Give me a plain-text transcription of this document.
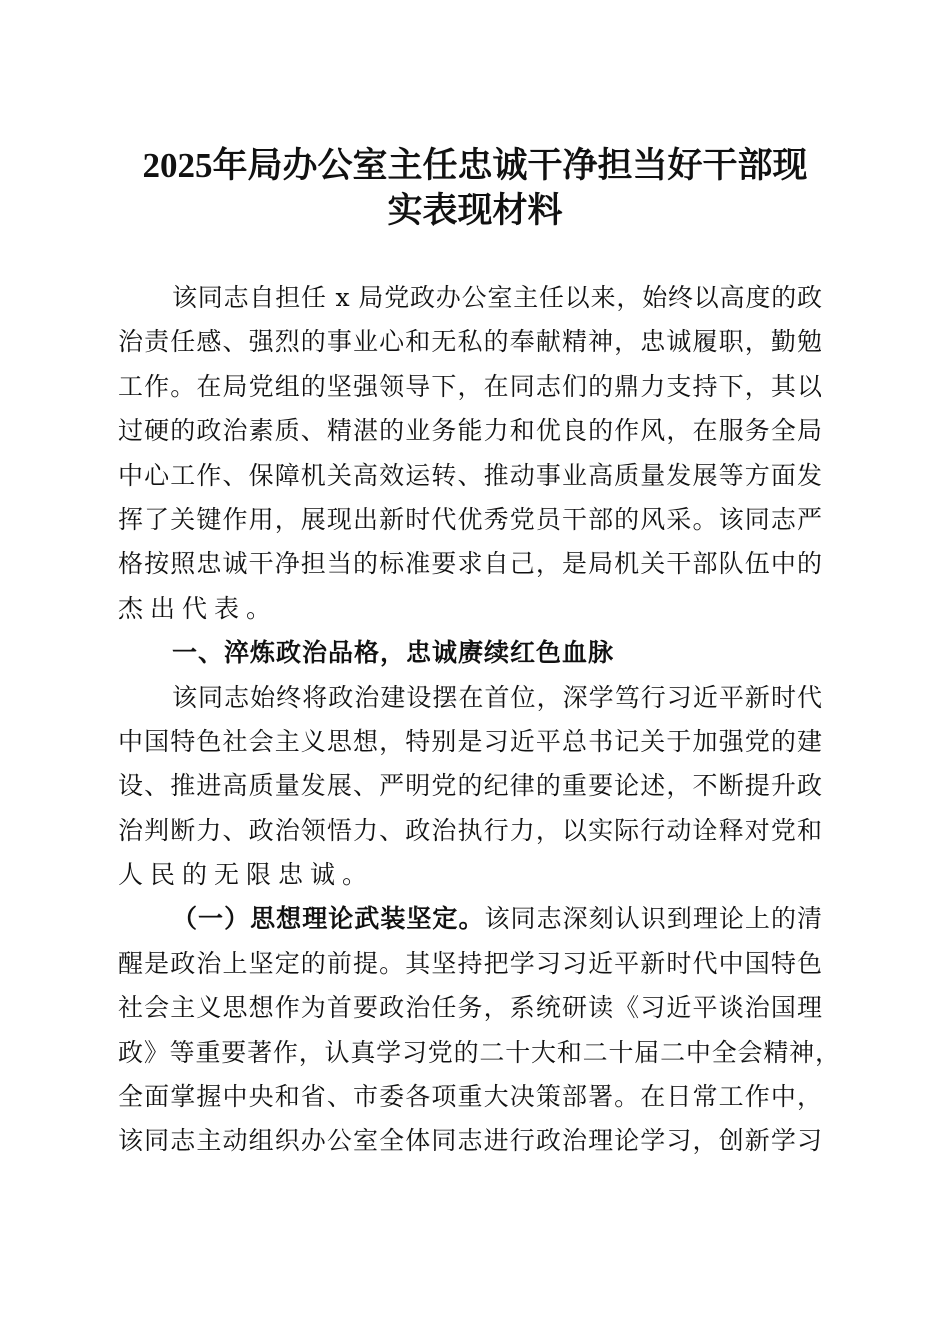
2025年局办公室主任忠诚干净担当好干部现
实表现材料
该同志自担任 x 局党政办公室主任以来，始终以高度的政
治责任感、强烈的事业心和无私的奉献精神，忠诚履职，勤勉
工作。在局党组的坚强领导下，在同志们的鼎力支持下，其以
过硬的政治素质、精湛的业务能力和优良的作风，在服务全局
中心工作、保障机关高效运转、推动事业高质量发展等方面发
挥了关键作用，展现出新时代优秀党员干部的风采。该同志严
格按照忠诚干净担当的标准要求自己，是局机关干部队伍中的
杰出代表。
一、淬炼政治品格，忠诚赓续红色血脉
该同志始终将政治建设摆在首位，深学笃行习近平新时代
中国特色社会主义思想，特别是习近平总书记关于加强党的建
设、推进高质量发展、严明党的纪律的重要论述，不断提升政
治判断力、政治领悟力、政治执行力，以实际行动诠释对党和
人民的无限忠诚。
（一）思想理论武装坚定。该同志深刻认识到理论上的清
醒是政治上坚定的前提。其坚持把学习习近平新时代中国特色
社会主义思想作为首要政治任务，系统研读《习近平谈治国理
政》等重要著作，认真学习党的二十大和二十届二中全会精神，
全面掌握中央和省、市委各项重大决策部署。在日常工作中，
该同志主动组织办公室全体同志进行政治理论学习，创新学习
